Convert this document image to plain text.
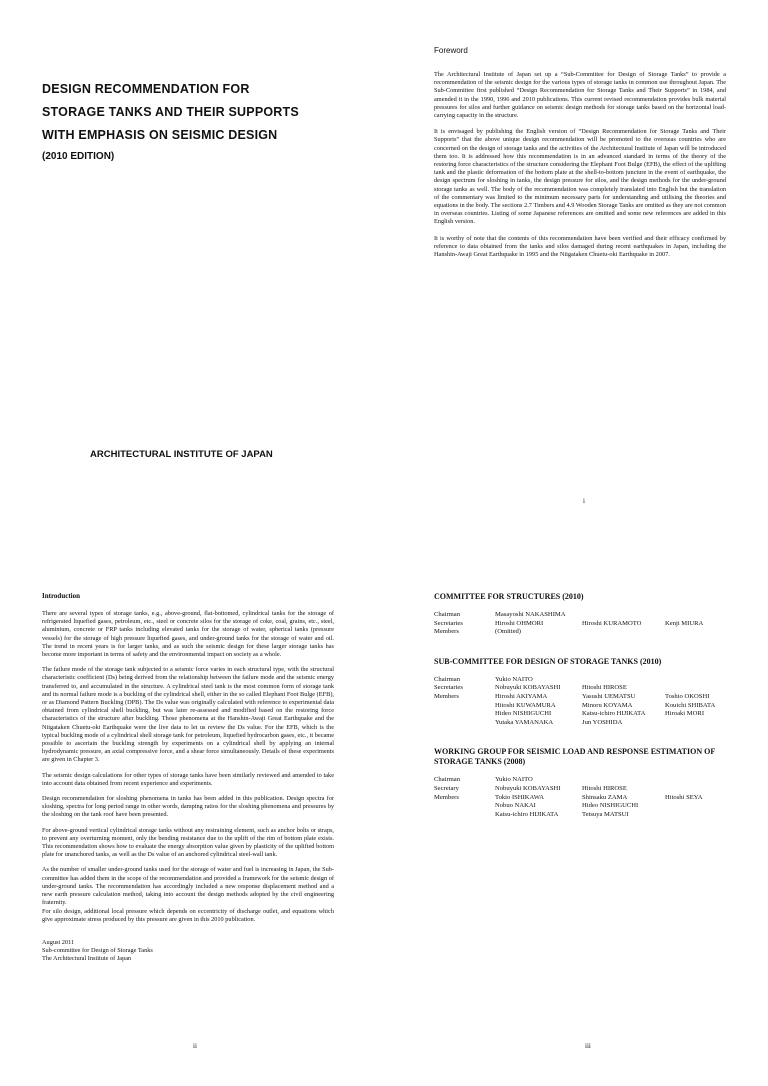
DESIGN RECOMMENDATION FOR
STORAGE TANKS AND THEIR SUPPORTS
WITH EMPHASIS ON SEISMIC DESIGN
(2010 EDITION)
ARCHITECTURAL INSTITUTE OF JAPAN
Foreword

The Architectural Institute of Japan set up a “Sub-Committee for Design of Storage Tanks” to provide a recommendation of the seismic design for the various types of storage tanks in common use throughout Japan. The Sub-Committee first published “Design Recommendation for Storage Tanks and Their Supports” in 1984, and amended it in the 1990, 1996 and 2010 publications. This current revised recommendation provides bulk material pressures for silos and further guidance on seismic design methods for storage tanks based on the horizontal load-carrying capacity in the structure.

It is envisaged by publishing the English version of “Design Recommendation for Storage Tanks and Their Supports” that the above unique design recommendation will be promoted to the overseas countries who are concerned on the design of storage tanks and the activities of the Architectural Institute of Japan will be introduced them too. It is addressed how this recommendation is in an advanced standard in terms of the theory of the restoring force characteristics of the structure considering the Elephant Foot Bulge (EFB), the effect of the uplifting tank and the plastic deformation of the bottom plate at the shell-to-bottom juncture in the event of earthquake, the design spectrum for sloshing in tanks, the design pressure for silos, and the design methods for the under-ground storage tanks as well. The body of the recommendation was completely translated into English but the translation of the commentary was limited to the minimum necessary parts for understanding and utilising the theories and equations in the body. The sections 2.7 Timbers and 4.9 Wooden Storage Tanks are omitted as they are not common in overseas countries. Listing of some Japanese references are omitted and some new references are added in this English version.

It is worthy of note that the contents of this recommendation have been verified and their efficacy confirmed by reference to data obtained from the tanks and silos damaged during recent earthquakes in Japan, including the Hanshin-Awaji Great Earthquake in 1995 and the Niigataken Chuetu-oki Earthquake in 2007.

i
Introduction

There are several types of storage tanks, e.g., above-ground, flat-bottomed, cylindrical tanks for the storage of refrigerated liquefied gases, petroleum, etc., steel or concrete silos for the storage of coke, coal, grains, etc., steel, aluminium, concrete or FRP tanks including elevated tanks for the storage of water, spherical tanks (pressure vessels) for the storage of high pressure liquefied gases, and under-ground tanks for the storage of water and oil. The trend in recent years is for larger tanks, and as such the seismic design for these larger storage tanks has become more important in terms of safety and the environmental impact on society as a whole.

The failure mode of the storage tank subjected to a seismic force varies in each structural type, with the structural characteristic coefficient (Ds) being derived from the relationship between the failure mode and the seismic energy transferred to, and accumulated in the structure. A cylindrical steel tank is the most common form of storage tank and its normal failure mode is a buckling of the cylindrical shell, either in the so called Elephant Foot Bulge (EFB), or as Diamond Pattern Buckling (DPB). The Ds value was originally calculated with reference to experimental data obtained from cylindrical shell buckling, but was later re-assessed and modified based on the restoring force characteristics of the structure after buckling. Those phenomena at the Hanshin-Awaji Great Earthquake and the Niigataken Chuetu-oki Earthquake were the live data to let us review the Ds value. For the EFB, which is the typical buckling mode of a cylindrical shell storage tank for petroleum, liquefied hydrocarbon gases, etc., it became possible to ascertain the buckling strength by experiments on a cylindrical shell by applying an internal hydrodynamic pressure, an axial compressive force, and a shear force simultaneously. Details of these experiments are given in Chapter 3.

The seismic design calculations for other types of storage tanks have been similarly reviewed and amended to take into account data obtained from recent experience and experiments.

Design recommendation for sloshing phenomena in tanks has been added in this publication. Design spectra for sloshing, spectra for long period range in other words, damping ratios for the sloshing phenomena and pressures by the sloshing on the tank roof have been presented.

For above-ground vertical cylindrical storage tanks without any restraining element, such as anchor bolts or straps, to prevent any overturning moment, only the bending resistance due to the uplift of the rim of bottom plate exists. This recommendation shows how to evaluate the energy absorption value given by plasticity of the uplifted bottom plate for unanchored tanks, as well as the Ds value of an anchored cylindrical steel-wall tank.

As the number of smaller under-ground tanks used for the storage of water and fuel is increasing in Japan, the Sub-committee has added them in the scope of the recommendation and provided a framework for the seismic design of under-ground tanks. The recommendation has accordingly included a new response displacement method and a new earth pressure calculation method, taking into account the design methods adopted by the civil engineering fraternity.
For silo design, additional local pressure which depends on eccentricity of discharge outlet, and equations which give approximate stress produced by this pressure are given in this 2010 publication.

August 2011
Sub-committee for Design of Storage Tanks
The Architectural Institute of Japan
ii
COMMITTEE FOR STRUCTURES (2010)
Chairman	Masayoshi NAKASHIMA		
Secretaries	Hiroshi OHMORI	Hiroshi KURAMOTO	Kenji MIURA
Members	(Omitted)		
SUB-COMMITTEE FOR DESIGN OF STORAGE TANKS (2010)
Chairman	Yukio NAITO		
Secretaries	Nobuyuki KOBAYASHI	Hitoshi HIROSE	
Members	Hiroshi AKIYAMA	Yasushi UEMATSU	Toshio OKOSHI
	Hitoshi KUWAMURA	Minoru KOYAMA	Kouichi SHIBATA
	Hideo NISHIGUCHI	Katsu-ichiro HIJIKATA	Hiroaki MORI
	Yutaka YAMANAKA	Jun YOSHIDA	
WORKING GROUP FOR SEISMIC LOAD AND RESPONSE ESTIMATION OF STORAGE TANKS (2008)
Chairman	Yukio NAITO		
Secretary	Nobuyuki KOBAYASHI	Hitoshi HIROSE	
Members	Tokio ISHIKAWA	Shinsaku ZAMA	Hitoshi SEYA
	Nobuo NAKAI	Hideo NISHIGUCHI	
	Katsu-ichiro HIJIKATA	Tetsuya MATSUI	
iii
